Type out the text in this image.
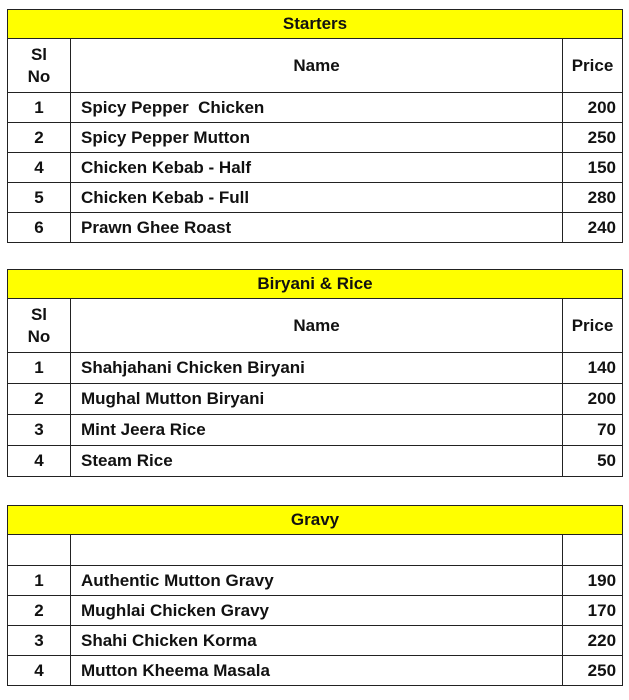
Starters		

Sl
No	Name	Price
1	Spicy Pepper  Chicken	200
2	Spicy Pepper Mutton	250
4	Chicken Kebab - Half	150
5	Chicken Kebab - Full	280
6	Prawn Ghee Roast	240
Biryani & Rice		

Sl
No	Name	Price
1	Shahjahani Chicken Biryani	140
2	Mughal Mutton Biryani	200
3	Mint Jeera Rice	70
4	Steam Rice	50
Gravy		

1	Authentic Mutton Gravy	190
2	Mughlai Chicken Gravy	170
3	Shahi Chicken Korma	220
4	Mutton Kheema Masala	250
